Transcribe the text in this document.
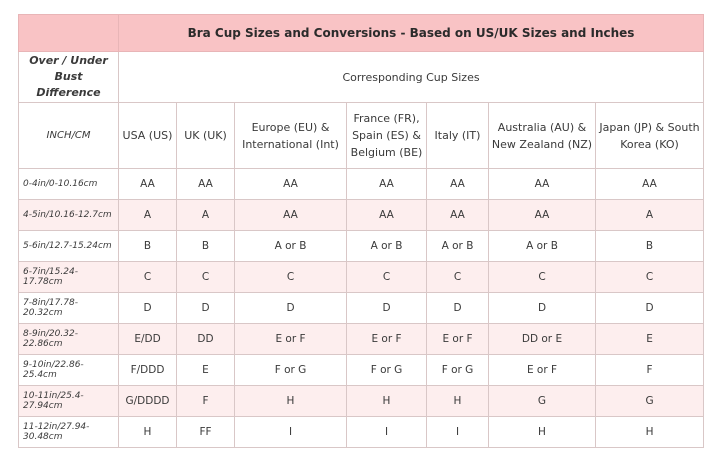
	Bra Cup Sizes and Conversions - Based on US/UK Sizes and Inches						
Over / Under Bust Difference	Corresponding Cup Sizes						
INCH/CM	USA (US)	UK (UK)	Europe (EU) & International (Int)	France (FR), Spain (ES) & Belgium (BE)	Italy (IT)	Australia (AU) & New Zealand (NZ)	Japan (JP) & South Korea (KO)
0-4in/0-10.16cm	AA	AA	AA	AA	AA	AA	AA
4-5in/10.16-12.7cm	A	A	AA	AA	AA	AA	A
5-6in/12.7-15.24cm	B	B	A or B	A or B	A or B	A or B	B
6-7in/15.24-17.78cm	C	C	C	C	C	C	C
7-8in/17.78-20.32cm	D	D	D	D	D	D	D
8-9in/20.32-22.86cm	E/DD	DD	E or F	E or F	E or F	DD or E	E
9-10in/22.86-25.4cm	F/DDD	E	F or G	F or G	F or G	E or F	F
10-11in/25.4-27.94cm	G/DDDD	F	H	H	H	G	G
11-12in/27.94-30.48cm	H	FF	I	I	I	H	H
